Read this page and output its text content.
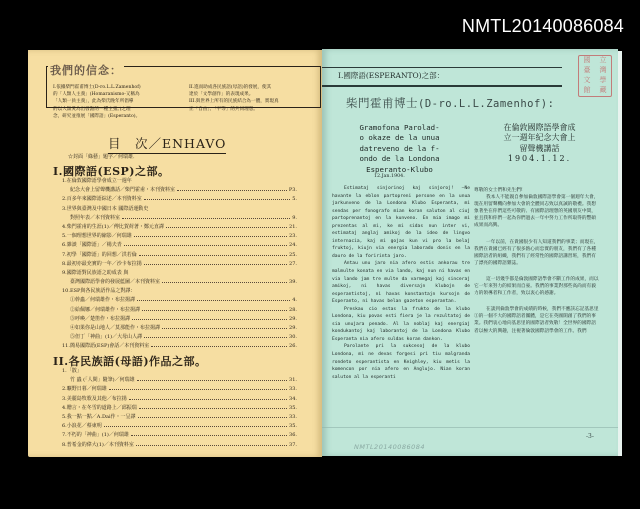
NMTL20140086084

I.依據柴門霍甫博士(D-ro.L.L.Zamenhof)

的「人類人主義」(Homaranismo-又稱為

「人類一員主義」，此為柴氏晚年所倡導

的以人類愛為出發點的一種主張。)之理

念，研究並推展「國際語」(Esperanto)。

II.進而助成各民族語(母語)的發展，使其

達於「文學創作」的表現成果。

III.與世界上所有的民族結合為一體，實現真

正「自由」、「平等」的共同理想。

我們的信念：
目　次／ENHAVO
☆封面「綠藝」題字／何瑞雄．
I.國際語(ESP)之部。
1.在倫敦國際語學會成立一週年
紀念大會上留聲機講話／柴門霍甫・本刊資料室	P3.
2.百多年來國際語綜述／本刊資料室	5.
3.世界與臺灣及中國日本 國際語運動史
對照年表／本刊資料室	9.
4.柴門霍甫的生涯(1)／傅比賀荷著・鄭元直譯	21.
5.一個理想世界的縮影／何瑞雄	23.
6.雜談「國際語」／楊夫青	24.
7.初學「國際語」的回想／洪若倫	25.
8.最初亦最充實的一年／沙卡布拉揚	27.
9.國際語對民族語之助成表 與
臺灣國際語學會的發展藍圖／本刊資料室	39.
10.ESP與各民族語作品之對譯：
①幹蟲／何瑞雄作・布拉揚譯	4.
②給佩娜／何瑞雄作・布拉揚譯	28.
③呼喚／楚笛作・布拉揚譯	29.
④如果你是山地人／莫那能作・布拉揚譯	29.
⑤但丁「神曲」(1)／大母山人譯	30.
11.簡易國際語(ESP)會話／本刊資料室	26.
II.各民族語(母語)作品之部。
1.「散」
竹 蟲 (「人間」隨筆)／何瑞雄	31.
2.曠野日暮／何瑞雄	33.
3.美麗島牧歌及其他／布拉揚	34.
4.贈言・在冬雪的道路上／邱振瑞	35.
5.我一點一點／A.Dai作・一呈譯	33.
6.小浪花／蔡東明	35.
7.不朽的「神曲」(1)／何瑞雄	36.
8.普希金的偉大(1)／本刊資料室	37.
I.國際語(ESPERANTO)之部：
國	立
臺	灣
文	學
館	藏
柴門霍甫博士(D-ro.L.L.Zamenhof):
Gramofona Parolad-
o okaze de la unua
datreveno de la f-
ondo de la Londona
Esperanto-Klubo
12.Jan.1904.
在倫敦國際語學會成
立一週年紀念大會上
留聲機講話
1904.1.12.

Estimataj sinjorinoj kaj sinjoroj! —Ne havante la eblon partopreni persone en la unua jarkunveno de la Londona Klubo Esperanta, mi sendas per fonografo mian koran saluton al ciuj partoprenantoj en la kunveno. En mia imago mi prezentas al mi, ke mi sidas nun inter vi, estimataj anglaj amikoj de la ideo de lingvo internacia, kaj mi gojas kun vi pro la belaj fruktoj, kiujn via energia laborado donis en la dauro de la foririnta jaro.

Antau unu jaro nia afero estis ankorau tre malmulte konata en via lando, kaj nun ni havas en via lando jam tre multe da varmegaj kaj sinceraj amikoj, ni havas diversajn klubojn de esperantistoj, ni havas konstantajn kursojn de Esperanto, ni havas belan gazeton esperantan.

Preskau cio estas la frukto de la klubo Londona, kiu povas esti fiera je la rezultatoj de sia unujara penado. Al la noblaj kaj energiaj kondukantoj kaj laborantoj de la Londona Klubo Esperanta nia afero suldas koran dankon.

Parolante pri la sukcesoj de la klubo Londona, mi ne devas forgesi pri tiu malgranda rondeto esperantista en Keighley, kiu metis la komencon por nia afero en Anglujo. Nian koran saluton al la esperanti

尊敬的女士們和先生們!

我本人不能親自參加倫敦國際語學會第一個週年大會，現在用留聲機向參加大會的全體同志致以真誠的敬禮。我想象著坐在你們這些可敬的、有國際語理想的英國朋友中間，並且我和你們一起為你們過去一年中努力工作所取得的豐碩成果而高興。

一年以前，在貴國很少有人知道我們的事業；而現在，我們在貴國已經有了很多熱心而忠實的朋友，我們有了各種國際語者的組織，我們有了經常性的國際語講習班，我們有了漂亮的國際語雜誌。

這一切幾乎都是倫敦國際語學會不斷工作的成果，而以它一年來努力的結果而自豪。我們的事業對那些高尚而有毅力的領導者和工作者，致以衷心的感謝。

在談到倫敦學會的成績的時候，我們不應該忘記基思里①的一個不大的國際語者團體，是它在英國開創了我們的事業。我們衷心地向基思里的國際語者致敬！全世界的國際語者以極大的興趣，注視著倫敦國際語學會的工作。我們

-3-
NMTL20140086084
